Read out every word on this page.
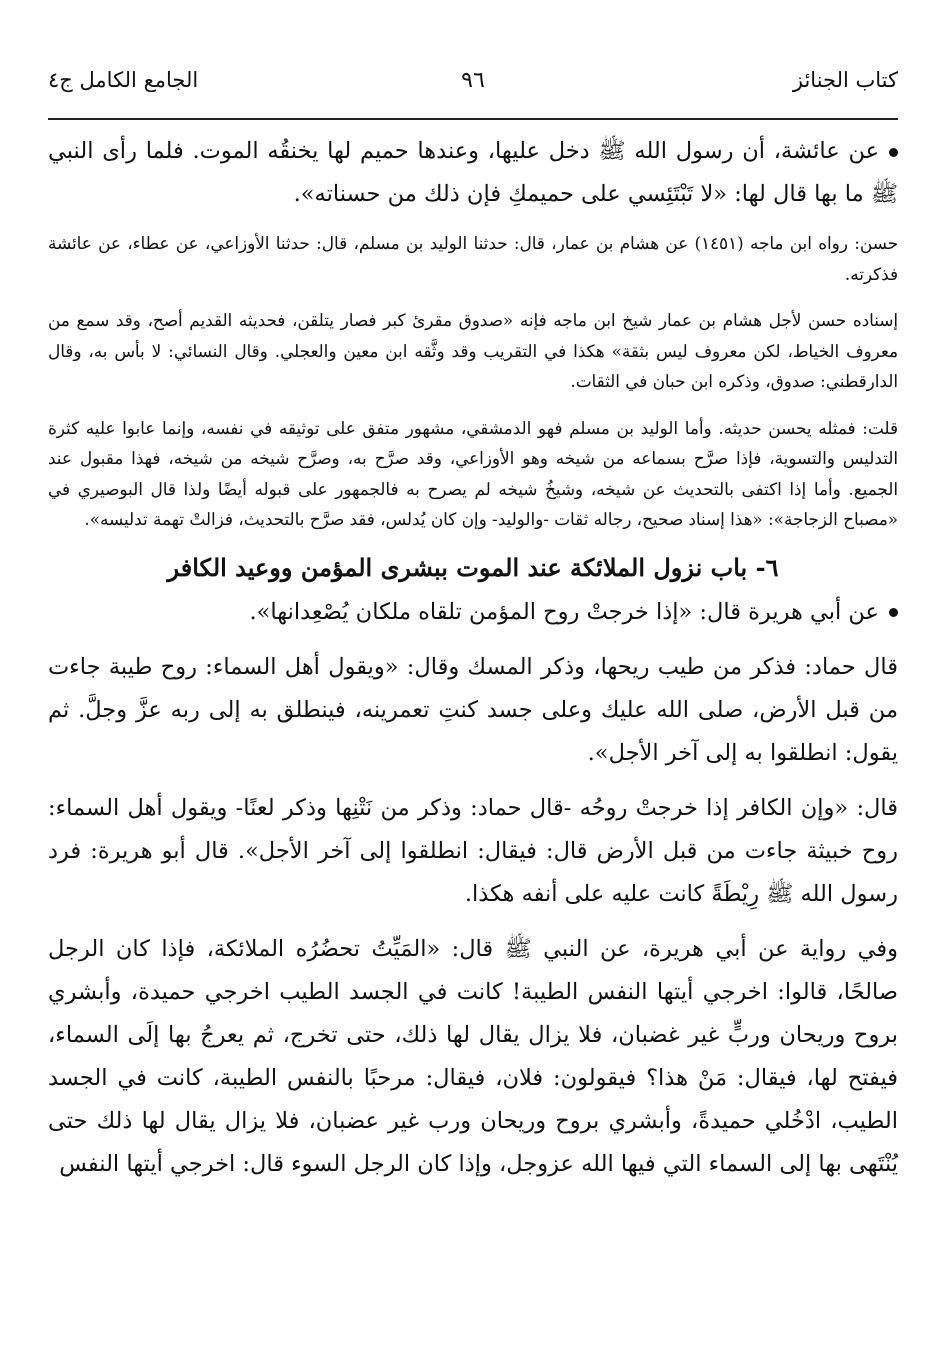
كتاب الجنائز
٩٦
الجامع الكامل ج٤

عن عائشة، أن رسول الله ﷺ دخل عليها، وعندها حميم لها يخنقُه الموت. فلما رأى النبي ﷺ ما بها قال لها: «لا تَبْتَئِسي على حميمكِ فإن ذلك من حسناته».

حسن: رواه ابن ماجه (١٤٥١) عن هشام بن عمار، قال: حدثنا الوليد بن مسلم، قال: حدثنا الأوزاعي، عن عطاء، عن عائشة فذكرته.

إسناده حسن لأجل هشام بن عمار شيخ ابن ماجه فإنه «صدوق مقرئ كبر فصار يتلقن، فحديثه القديم أصح، وقد سمع من معروف الخياط، لكن معروف ليس بثقة» هكذا في التقريب وقد وثَّقه ابن معين والعجلي. وقال النسائي: لا بأس به، وقال الدارقطني: صدوق، وذكره ابن حبان في الثقات.

قلت: فمثله يحسن حديثه. وأما الوليد بن مسلم فهو الدمشقي، مشهور متفق على توثيقه في نفسه، وإنما عابوا عليه كثرة التدليس والتسوية، فإذا صرَّح بسماعه من شيخه وهو الأوزاعي، وقد صرَّح به، وصرَّح شيخه من شيخه، فهذا مقبول عند الجميع. وأما إذا اكتفى بالتحديث عن شيخه، وشيخُ شيخه لم يصرح به فالجمهور على قبوله أيضًا ولذا قال البوصيري في «مصباح الزجاجة»: «هذا إسناد صحيح، رجاله ثقات -والوليد- وإن كان يُدلس، فقد صرَّح بالتحديث، فزالتْ تهمة تدليسه».

٦- باب نزول الملائكة عند الموت ببشرى المؤمن ووعيد الكافر

عن أبي هريرة قال: «إذا خرجتْ روح المؤمن تلقاه ملكان يُصْعِدانها».

قال حماد: فذكر من طيب ريحها، وذكر المسك وقال: «ويقول أهل السماء: روح طيبة جاءت من قبل الأرض، صلى الله عليك وعلى جسد كنتِ تعمرينه، فينطلق به إلى ربه عزَّ وجلَّ. ثم يقول: انطلقوا به إلى آخر الأجل».

قال: «وإن الكافر إذا خرجتْ روحُه -قال حماد: وذكر من نَتْنِها وذكر لعنًا- ويقول أهل السماء: روح خبيثة جاءت من قبل الأرض قال: فيقال: انطلقوا إلى آخر الأجل». قال أبو هريرة: فرد رسول الله ﷺ رِيْطَةً كانت عليه على أنفه هكذا.

وفي رواية عن أبي هريرة، عن النبي ﷺ قال: «المَيِّتُ تحضُرُه الملائكة، فإذا كان الرجل صالحًا، قالوا: اخرجي أيتها النفس الطيبة! كانت في الجسد الطيب اخرجي حميدة، وأبشري بروح وريحان وربٍّ غير غضبان، فلا يزال يقال لها ذلك، حتى تخرج، ثم يعرجُ بها إلَى السماء، فيفتح لها، فيقال: مَنْ هذا؟ فيقولون: فلان، فيقال: مرحبًا بالنفس الطيبة، كانت في الجسد الطيب، ادْخُلي حميدةً، وأبشري بروح وريحان ورب غير عضبان، فلا يزال يقال لها ذلك حتى يُنْتَهى بها إلى السماء التي فيها الله عزوجل، وإذا كان الرجل السوء قال: اخرجي أيتها النفس
